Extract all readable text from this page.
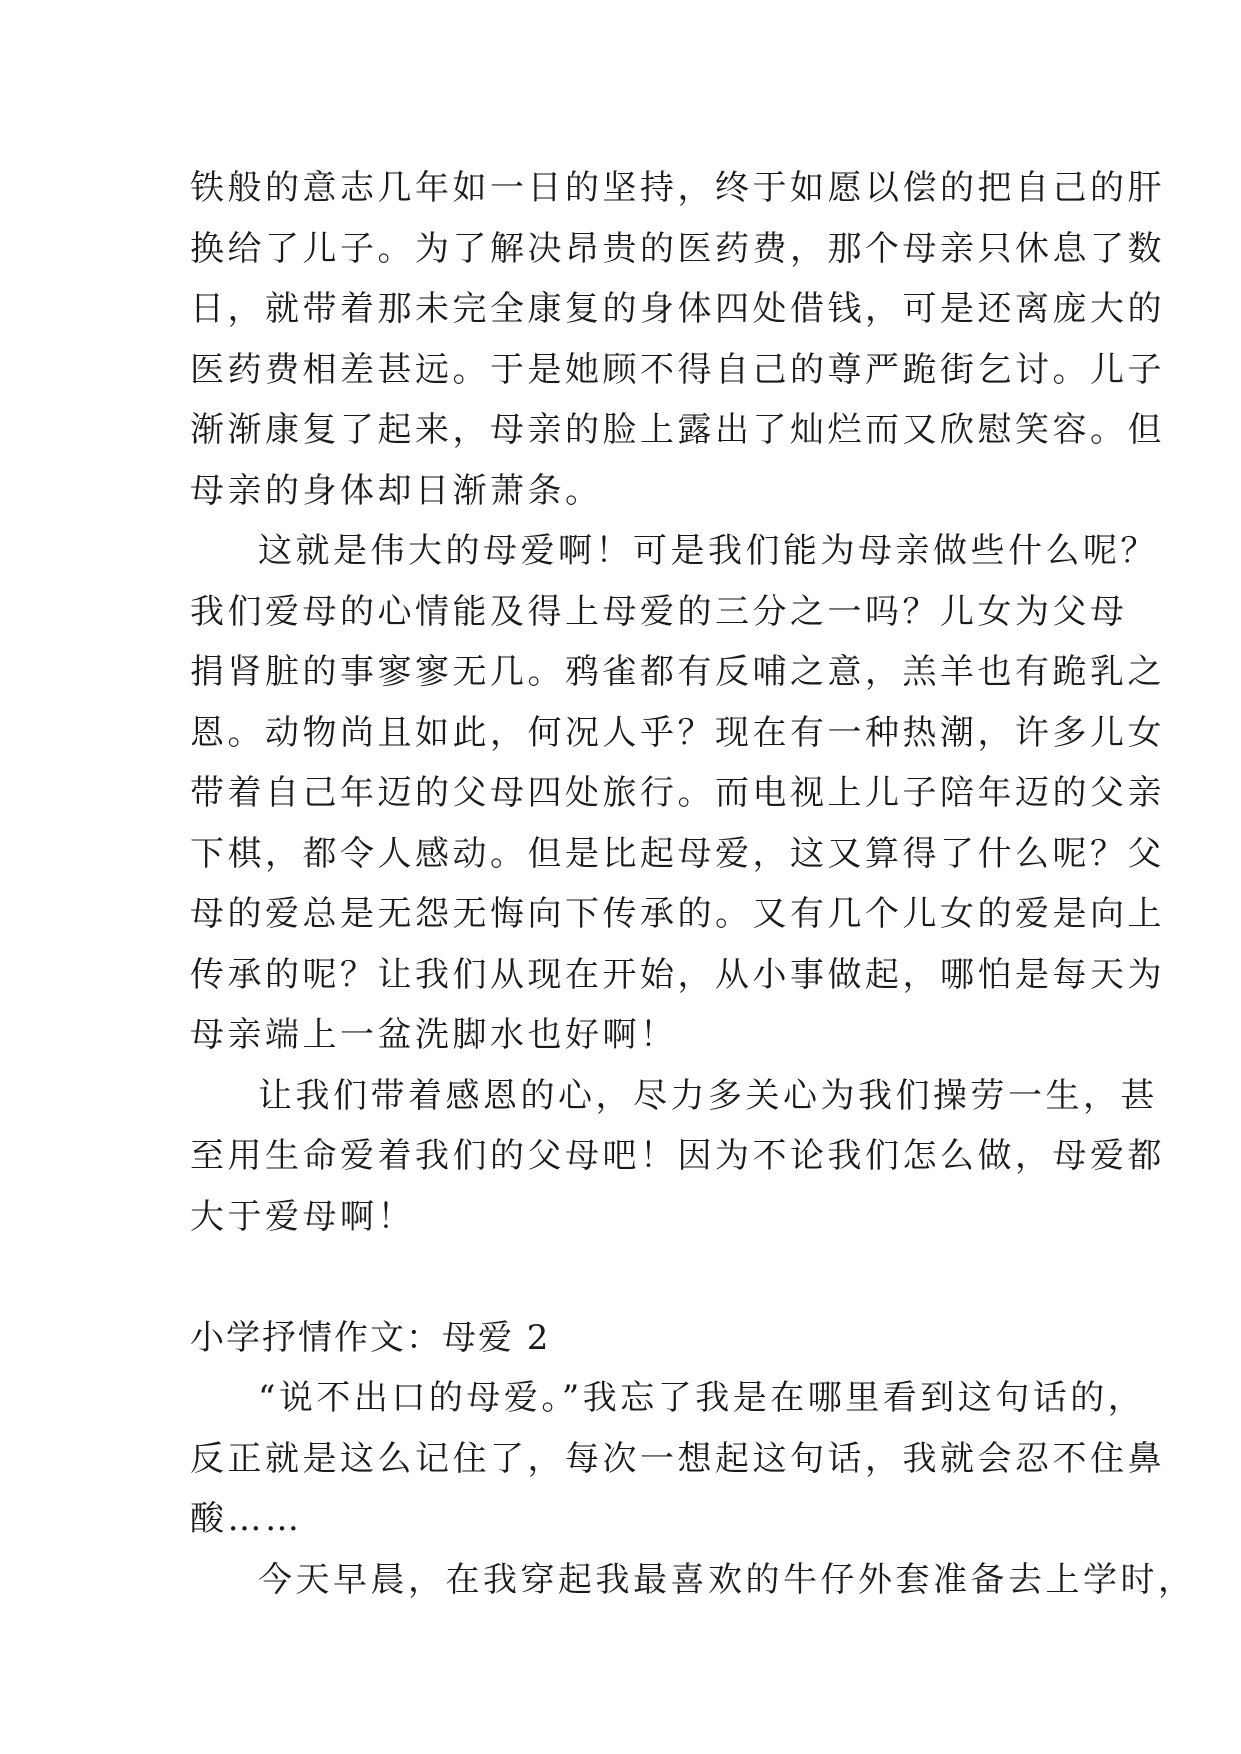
铁般的意志几年如一日的坚持，终于如愿以偿的把自己的肝
换给了儿子。为了解决昂贵的医药费，那个母亲只休息了数
日，就带着那未完全康复的身体四处借钱，可是还离庞大的
医药费相差甚远。于是她顾不得自己的尊严跪街乞讨。儿子
渐渐康复了起来，母亲的脸上露出了灿烂而又欣慰笑容。但
母亲的身体却日渐萧条。
这就是伟大的母爱啊！可是我们能为母亲做些什么呢？
我们爱母的心情能及得上母爱的三分之一吗？儿女为父母
捐肾脏的事寥寥无几。鸦雀都有反哺之意，羔羊也有跪乳之
恩。动物尚且如此，何况人乎？现在有一种热潮，许多儿女
带着自己年迈的父母四处旅行。而电视上儿子陪年迈的父亲
下棋，都令人感动。但是比起母爱，这又算得了什么呢？父
母的爱总是无怨无悔向下传承的。又有几个儿女的爱是向上
传承的呢？让我们从现在开始，从小事做起，哪怕是每天为
母亲端上一盆洗脚水也好啊！
让我们带着感恩的心，尽力多关心为我们操劳一生，甚
至用生命爱着我们的父母吧！因为不论我们怎么做，母爱都
大于爱母啊！
小学抒情作文：母爱 2
“说不出口的母爱。”我忘了我是在哪里看到这句话的，
反正就是这么记住了，每次一想起这句话，我就会忍不住鼻
酸……
今天早晨，在我穿起我最喜欢的牛仔外套准备去上学时，
